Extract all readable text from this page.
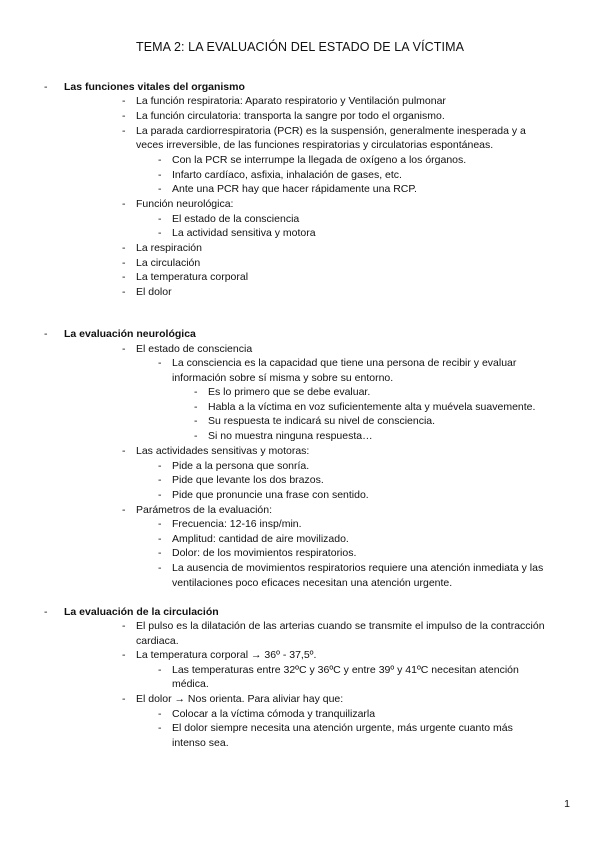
TEMA 2: LA EVALUACIÓN DEL ESTADO DE LA VÍCTIMA
- Las funciones vitales del organismo
- La función respiratoria: Aparato respiratorio y Ventilación pulmonar
- La función circulatoria: transporta la sangre por todo el organismo.
- La parada cardiorrespiratoria (PCR) es la suspensión, generalmente inesperada y a
veces irreversible, de las funciones respiratorias y circulatorias espontáneas.
- Con la PCR se interrumpe la llegada de oxígeno a los órganos.
- Infarto cardíaco, asfixia, inhalación de gases, etc.
- Ante una PCR hay que hacer rápidamente una RCP.
- Función neurológica:
- El estado de la consciencia
- La actividad sensitiva y motora
- La respiración
- La circulación
- La temperatura corporal
- El dolor
- La evaluación neurológica
- El estado de consciencia
- La consciencia es la capacidad que tiene una persona de recibir y evaluar
información sobre sí misma y sobre su entorno.
- Es lo primero que se debe evaluar.
- Habla a la víctima en voz suficientemente alta y muévela suavemente.
- Su respuesta te indicará su nivel de consciencia.
- Si no muestra ninguna respuesta…
- Las actividades sensitivas y motoras:
- Pide a la persona que sonría.
- Pide que levante los dos brazos.
- Pide que pronuncie una frase con sentido.
- Parámetros de la evaluación:
- Frecuencia: 12-16 insp/min.
- Amplitud: cantidad de aire movilizado.
- Dolor: de los movimientos respiratorios.
- La ausencia de movimientos respiratorios requiere una atención inmediata y las
ventilaciones poco eficaces necesitan una atención urgente.
- La evaluación de la circulación
- El pulso es la dilatación de las arterias cuando se transmite el impulso de la contracción
cardiaca.
- La temperatura corporal → 36º - 37,5º.
- Las temperaturas entre 32ºC y 36ºC y entre 39º y 41ºC necesitan atención
médica.
- El dolor → Nos orienta. Para aliviar hay que:
- Colocar a la víctima cómoda y tranquilizarla
- El dolor siempre necesita una atención urgente, más urgente cuanto más
intenso sea.
1
